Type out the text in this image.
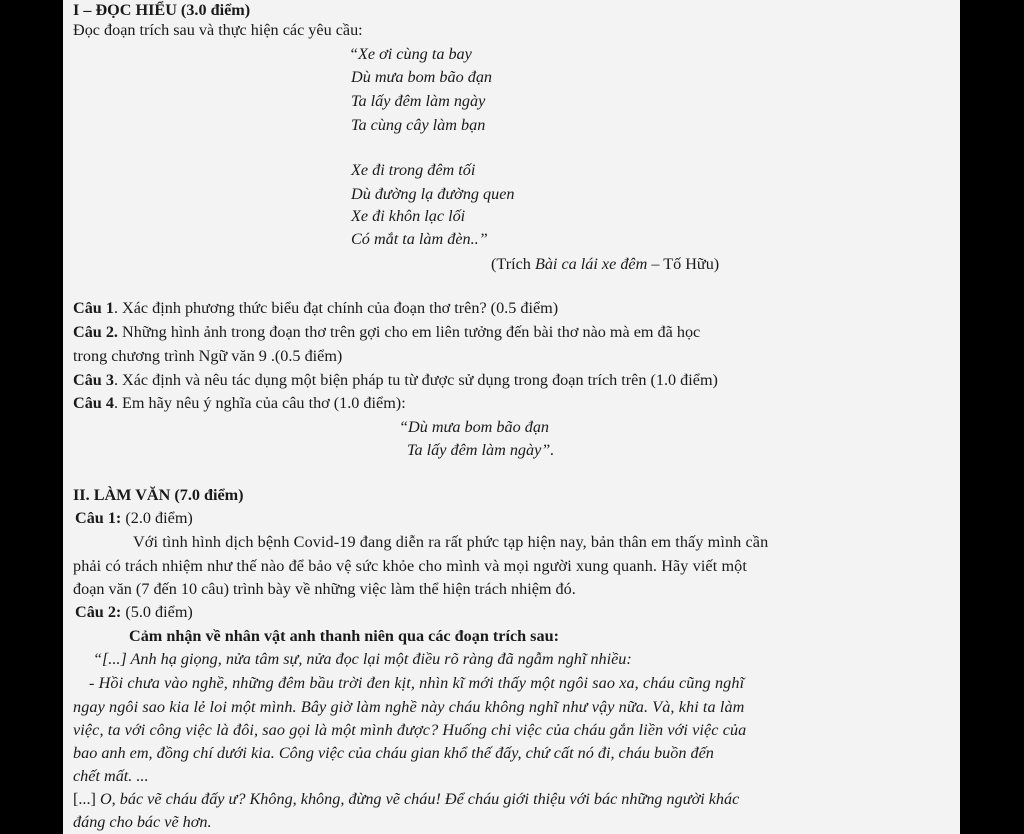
I – ĐỌC HIỂU (3.0 điểm)
Đọc đoạn trích sau và thực hiện các yêu cầu:
“Xe ơi cùng ta bay
Dù mưa bom bão đạn
Ta lấy đêm làm ngày
Ta cùng cây làm bạn
Xe đi trong đêm tối
Dù đường lạ đường quen
Xe đi khôn lạc lối
Có mắt ta làm đèn..”
(Trích Bài ca lái xe đêm – Tố Hữu)
Câu 1. Xác định phương thức biểu đạt chính của đoạn thơ trên? (0.5 điểm)
Câu 2. Những hình ảnh trong đoạn thơ trên gợi cho em liên tưởng đến bài thơ nào mà em đã học
trong chương trình Ngữ văn 9 .(0.5 điểm)
Câu 3. Xác định và nêu tác dụng một biện pháp tu từ được sử dụng trong đoạn trích trên (1.0 điểm)
Câu 4. Em hãy nêu ý nghĩa của câu thơ (1.0 điểm):
“Dù mưa bom bão đạn
Ta lấy đêm làm ngày”.
II. LÀM VĂN (7.0 điểm)
Câu 1: (2.0 điểm)
Với tình hình dịch bệnh Covid-19 đang diễn ra rất phức tạp hiện nay, bản thân em thấy mình cần
phải có trách nhiệm như thế nào để bảo vệ sức khỏe cho mình và mọi người xung quanh. Hãy viết một
đoạn văn (7 đến 10 câu) trình bày về những việc làm thể hiện trách nhiệm đó.
Câu 2: (5.0 điểm)
Cảm nhận về nhân vật anh thanh niên qua các đoạn trích sau:
“[...] Anh hạ giọng, nửa tâm sự, nửa đọc lại một điều rõ ràng đã ngẫm nghĩ nhiều:
- Hồi chưa vào nghề, những đêm bầu trời đen kịt, nhìn kĩ mới thấy một ngôi sao xa, cháu cũng nghĩ
ngay ngôi sao kia lẻ loi một mình. Bây giờ làm nghề này cháu không nghĩ như vậy nữa. Và, khi ta làm
việc, ta với công việc là đôi, sao gọi là một mình được? Huống chi việc của cháu gắn liền với việc của
bao anh em, đồng chí dưới kia. Công việc của cháu gian khổ thế đấy, chứ cất nó đi, cháu buồn đến
chết mất. ...
[...] O, bác vẽ cháu đấy ư? Không, không, đừng vẽ cháu! Để cháu giới thiệu với bác những người khác
đáng cho bác vẽ hơn.
